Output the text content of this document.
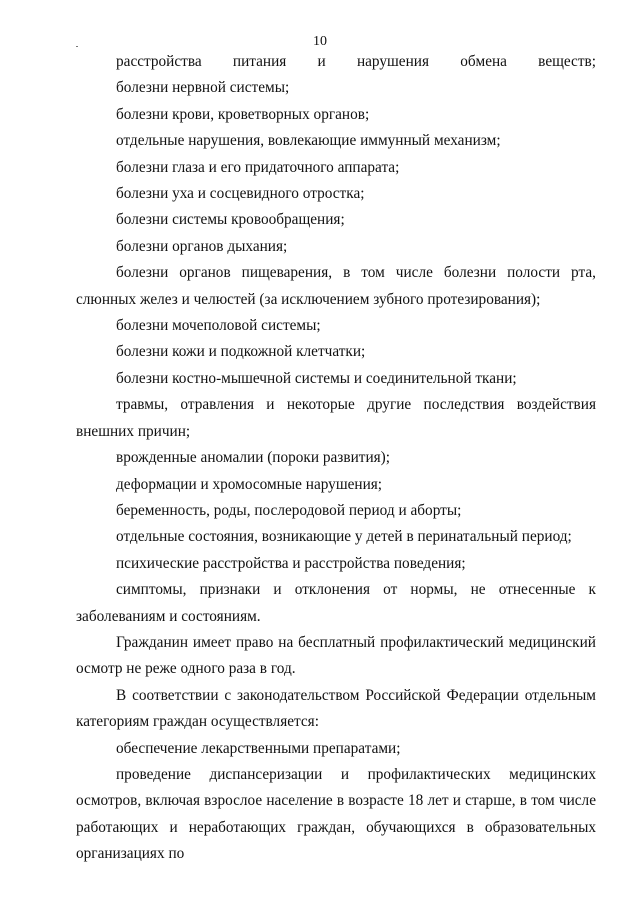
10

расстройства питания и нарушения обмена веществ;

болезни нервной системы;

болезни крови, кроветворных органов;

отдельные нарушения, вовлекающие иммунный механизм;

болезни глаза и его придаточного аппарата;

болезни уха и сосцевидного отростка;

болезни системы кровообращения;

болезни органов дыхания;

болезни органов пищеварения, в том числе болезни полости рта, слюнных желез и челюстей (за исключением зубного протезирования);

болезни мочеполовой системы;

болезни кожи и подкожной клетчатки;

болезни костно-мышечной системы и соединительной ткани;

травмы, отравления и некоторые другие последствия воздействия внешних причин;

врожденные аномалии (пороки развития);

деформации и хромосомные нарушения;

беременность, роды, послеродовой период и аборты;

отдельные состояния, возникающие у детей в перинатальный период;

психические расстройства и расстройства поведения;

симптомы, признаки и отклонения от нормы, не отнесенные к заболеваниям и состояниям.

Гражданин имеет право на бесплатный профилактический медицинский осмотр не реже одного раза в год.

В соответствии с законодательством Российской Федерации отдельным категориям граждан осуществляется:

обеспечение лекарственными препаратами;

проведение диспансеризации и профилактических медицинских осмотров, включая взрослое население в возрасте 18 лет и старше, в том числе работающих и неработающих граждан, обучающихся в образовательных организациях по
